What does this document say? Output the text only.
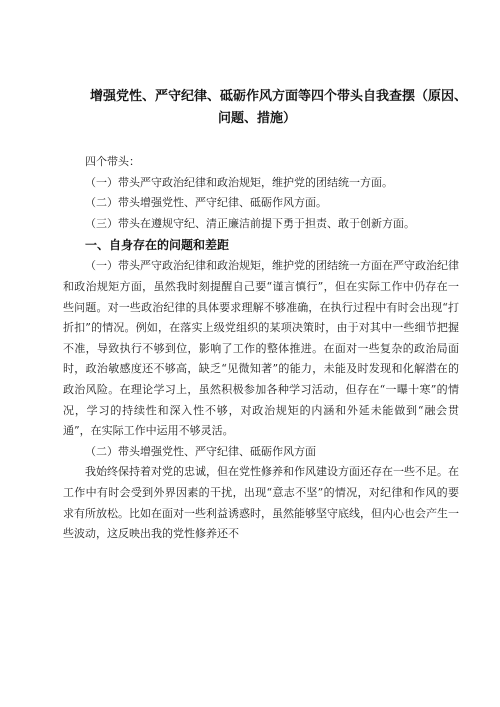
增强党性、严守纪律、砥砺作风方面等四个带头自我查摆（原因、
问题、措施）

四个带头：

（一）带头严守政治纪律和政治规矩，维护党的团结统一方面。

（二）带头增强党性、严守纪律、砥砺作风方面。

（三）带头在遵规守纪、清正廉洁前提下勇于担责、敢于创新方面。

一、自身存在的问题和差距

（一）带头严守政治纪律和政治规矩，维护党的团结统一方面在严守政治纪律和政治规矩方面，虽然我时刻提醒自己要“谨言慎行”，但在实际工作中仍存在一些问题。对一些政治纪律的具体要求理解不够准确，在执行过程中有时会出现“打折扣”的情况。例如，在落实上级党组织的某项决策时，由于对其中一些细节把握不准，导致执行不够到位，影响了工作的整体推进。在面对一些复杂的政治局面时，政治敏感度还不够高，缺乏“见微知著”的能力，未能及时发现和化解潜在的政治风险。在理论学习上，虽然积极参加各种学习活动，但存在“一曝十寒”的情况，学习的持续性和深入性不够，对政治规矩的内涵和外延未能做到“融会贯通”，在实际工作中运用不够灵活。

（二）带头增强党性、严守纪律、砥砺作风方面

我始终保持着对党的忠诚，但在党性修养和作风建设方面还存在一些不足。在工作中有时会受到外界因素的干扰，出现“意志不坚”的情况，对纪律和作风的要求有所放松。比如在面对一些利益诱惑时，虽然能够坚守底线，但内心也会产生一些波动，这反映出我的党性修养还不
